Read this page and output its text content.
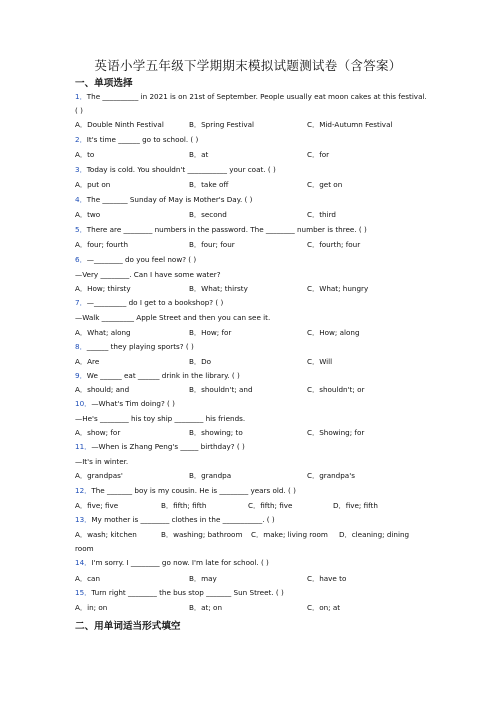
英语小学五年级下学期期末模拟试题测试卷（含答案）
一、单项选择
1．The __________ in 2021 is on 21st of September. People usually eat moon cakes at this festival.
( )
A．Double Ninth Festival	B．Spring Festival	C．Mid-Autumn Festival
2．It's time ______ go to school. ( )
A．to	B．at	C．for
3．Today is cold. You shouldn't ___________ your coat. ( )
A．put on	B．take off	C．get on
4．The _______ Sunday of May is Mother's Day. ( )
A．two	B．second	C．third
5．There are ________ numbers in the password. The ________ number is three. ( )
A．four; fourth	B．four; four	C．fourth; four
6．—________ do you feel now? ( )
—Very ________. Can I have some water?
A．How; thirsty	B．What; thirsty	C．What; hungry
7．—_________ do I get to a bookshop? ( )
—Walk _________ Apple Street and then you can see it.
A．What; along	B．How; for	C．How; along
8．______ they playing sports? ( )
A．Are	B．Do	C．Will
9．We ______ eat ______ drink in the library. ( )
A．should; and	B．shouldn't; and	C．shouldn't; or
10．—What's Tim doing? ( )
—He's ________ his toy ship ________ his friends.
A．show; for	B．showing; to	C．Showing; for
11．—When is Zhang Peng's _____ birthday? ( )
—It's in winter.
A．grandpas'	B．grandpa	C．grandpa's
12．The _______ boy is my cousin. He is ________ years old. ( )
A．five; five	B．fifth; fifth	C．fifth; five	D．five; fifth
13．My mother is ________ clothes in the ___________. ( )
A．wash; kitchen	B．washing; bathroom C．make; living room D．cleaning; dining
room
14．I'm sorry. I ________ go now. I'm late for school. ( )
A．can	B．may	C．have to
15．Turn right ________ the bus stop _______ Sun Street. ( )
A．in; on	B．at; on	C．on; at
二、用单词适当形式填空
